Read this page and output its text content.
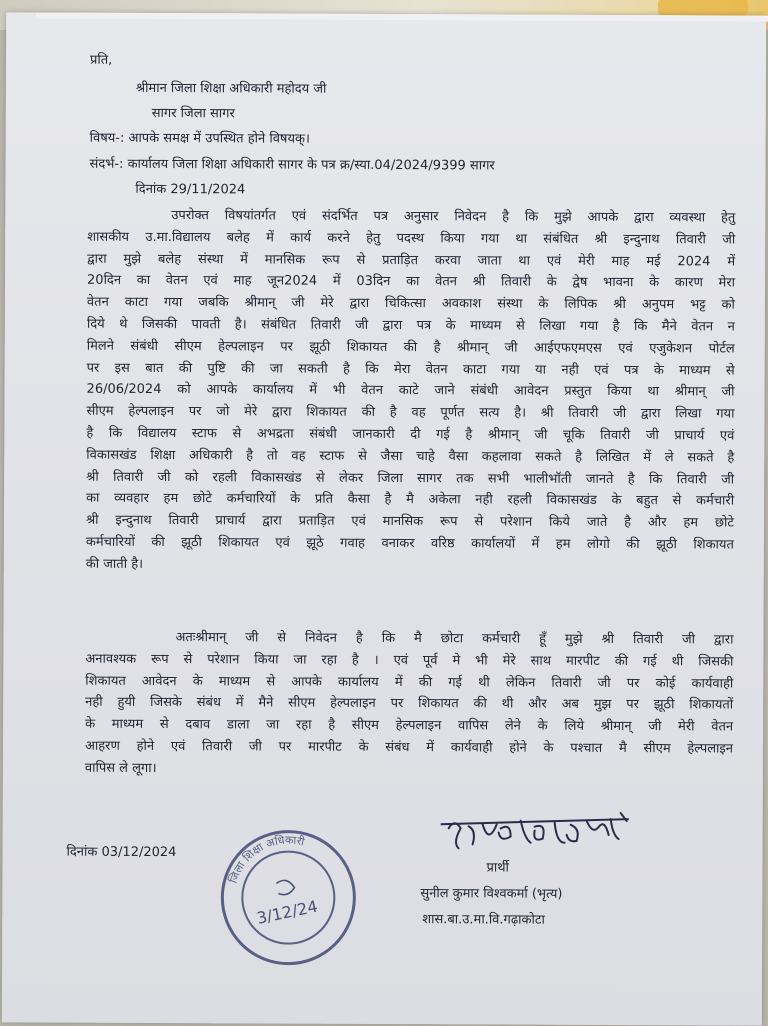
प्रति,
श्रीमान जिला शिक्षा अधिकारी महोदय जी
सागर जिला सागर
विषय-: आपके समक्ष में उपस्थित होने विषयक्।
संदर्भ-: कार्यालय जिला शिक्षा अधिकारी सागर के पत्र क्र/स्या.04/2024/9399 सागर
दिनांक 29/11/2024
उपरोक्त विषयांतर्गत एवं संदर्भित पत्र अनुसार निवेदन है कि मुझे आपके द्वारा व्यवस्था हेतु
शासकीय उ.मा.विद्यालय बलेह में कार्य करने हेतु पदस्थ किया गया था संबंधित श्री इन्दुनाथ तिवारी जी
द्वारा मुझे बलेह संस्था में मानसिक रूप से प्रताड़ित करवा जाता था एवं मेरी माह मई 2024 में
20दिन का वेतन एवं माह जून2024 में 03दिन का वेतन श्री तिवारी के द्वेष भावना के कारण मेरा
वेतन काटा गया जबकि श्रीमान् जी मेरे द्वारा चिकित्सा अवकाश संस्था के लिपिक श्री अनुपम भट्ट को
दिये थे जिसकी पावती है। संबंधित तिवारी जी द्वारा पत्र के माध्यम से लिखा गया है कि मैने वेतन न
मिलने संबंधी सीएम हेल्पलाइन पर झूठी शिकायत की है श्रीमान् जी आईएफएमएस एवं एजुकेशन पोर्टल
पर इस बात की पुष्टि की जा सकती है कि मेरा वेतन काटा गया या नही एवं पत्र के माध्यम से
26/06/2024 को आपके कार्यालय में भी वेतन काटे जाने संबंधी आवेदन प्रस्तुत किया था श्रीमान् जी
सीएम हेल्पलाइन पर जो मेरे द्वारा शिकायत की है वह पूर्णत सत्य है। श्री तिवारी जी द्वारा लिखा गया
है कि विद्यालय स्टाफ से अभद्रता संबंधी जानकारी दी गई है श्रीमान् जी चूकि तिवारी जी प्राचार्य एवं
विकासखंड शिक्षा अधिकारी है तो वह स्टाफ से जैसा चाहे वैसा कहलावा सकते है लिखित में ले सकते है
श्री तिवारी जी को रहली विकासखंड से लेकर जिला सागर तक सभी भालीभॉती जानते है कि तिवारी जी
का व्यवहार हम छोटे कर्मचारियों के प्रति कैसा है मै अकेला नही रहली विकासखंड के बहुत से कर्मचारी
श्री इन्दुनाथ तिवारी प्राचार्य द्वारा प्रताड़ित एवं मानसिक रूप से परेशान किये जाते है और हम छोटे
कर्मचारियों की झूठी शिकायत एवं झूठे गवाह वनाकर वरिष्ठ कार्यालयों में हम लोगो की झूठी शिकायत
की जाती है।
अतःश्रीमान् जी से निवेदन है कि मै छोटा कर्मचारी हूँ मुझे श्री तिवारी जी द्वारा
अनावश्यक रूप से परेशान किया जा रहा है । एवं पूर्व मे भी मेरे साथ मारपीट की गई थी जिसकी
शिकायत आवेदन के माध्यम से आपके कार्यालय में की गई थी लेकिन तिवारी जी पर कोई कार्यवाही
नही हुयी जिसके संबंध में मैने सीएम हेल्पलाइन पर शिकायत की थी और अब मुझ पर झूठी शिकायतों
के माध्यम से दबाव डाला जा रहा है सीएम हेल्पलाइन वापिस लेने के लिये श्रीमान् जी मेरी वेतन
आहरण होने एवं तिवारी जी पर मारपीट के संबंध में कार्यवाही होने के पश्चात मै सीएम हेल्पलाइन
वापिस ले लूगा।
दिनांक 03/12/2024
जिला शिक्षा अधिकारी
3/12/24
प्रार्थी
सुनील कुमार विश्वकर्मा (भृत्य)
शास.बा.उ.मा.वि.गढ़ाकोटा
